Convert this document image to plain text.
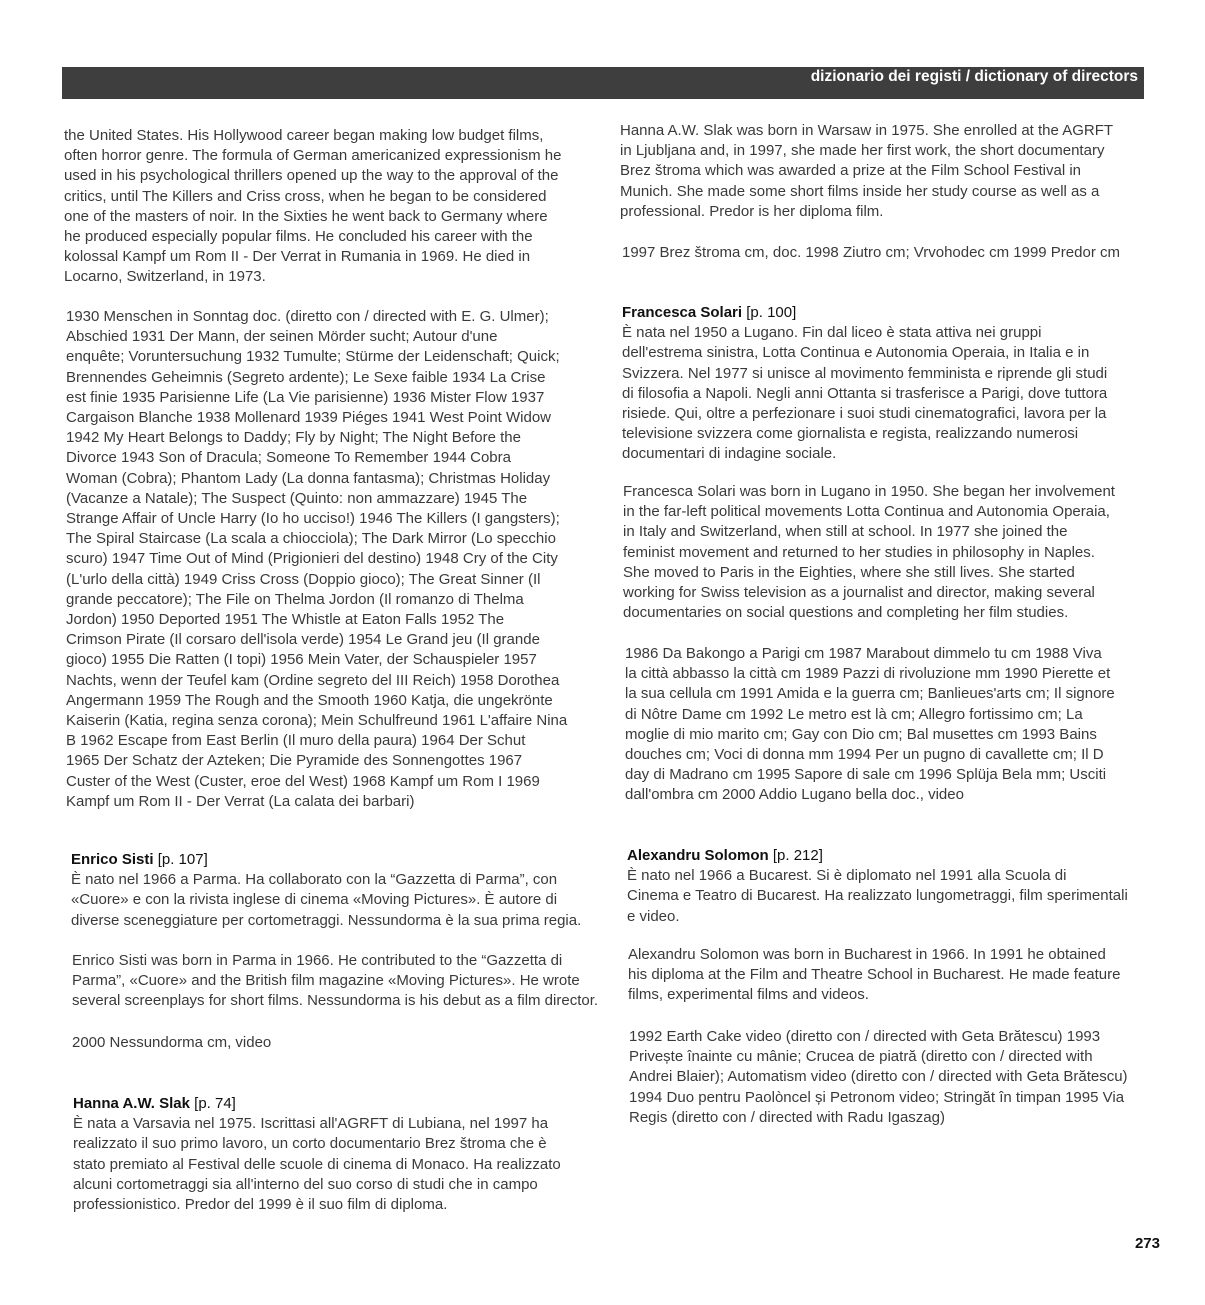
dizionario dei registi / dictionary of directors

the United States. His Hollywood career began making low budget films,

often horror genre. The formula of German americanized expressionism he

used in his psychological thrillers opened up the way to the approval of the

critics, until The Killers and Criss cross, when he began to be considered

one of the masters of noir. In the Sixties he went back to Germany where

he produced especially popular films. He concluded his career with the

kolossal Kampf um Rom II - Der Verrat in Rumania in 1969. He died in

Locarno, Switzerland, in 1973.

1930 Menschen in Sonntag doc. (diretto con / directed with E. G. Ulmer);

Abschied 1931 Der Mann, der seinen Mörder sucht; Autour d'une

enquête; Voruntersuchung 1932 Tumulte; Stürme der Leidenschaft; Quick;

Brennendes Geheimnis (Segreto ardente); Le Sexe faible 1934 La Crise

est finie 1935 Parisienne Life (La Vie parisienne) 1936 Mister Flow 1937

Cargaison Blanche 1938 Mollenard 1939 Piéges 1941 West Point Widow

1942 My Heart Belongs to Daddy; Fly by Night; The Night Before the

Divorce 1943 Son of Dracula; Someone To Remember 1944 Cobra

Woman (Cobra); Phantom Lady (La donna fantasma); Christmas Holiday

(Vacanze a Natale); The Suspect (Quinto: non ammazzare) 1945 The

Strange Affair of Uncle Harry (Io ho ucciso!) 1946 The Killers (I gangsters);

The Spiral Staircase (La scala a chiocciola); The Dark Mirror (Lo specchio

scuro) 1947 Time Out of Mind (Prigionieri del destino) 1948 Cry of the City

(L'urlo della città) 1949 Criss Cross (Doppio gioco); The Great Sinner (Il

grande peccatore); The File on Thelma Jordon (Il romanzo di Thelma

Jordon) 1950 Deported 1951 The Whistle at Eaton Falls 1952 The

Crimson Pirate (Il corsaro dell'isola verde) 1954 Le Grand jeu (Il grande

gioco) 1955 Die Ratten (I topi) 1956 Mein Vater, der Schauspieler 1957

Nachts, wenn der Teufel kam (Ordine segreto del III Reich) 1958 Dorothea

Angermann 1959 The Rough and the Smooth 1960 Katja, die ungekrönte

Kaiserin (Katia, regina senza corona); Mein Schulfreund 1961 L'affaire Nina

B 1962 Escape from East Berlin (Il muro della paura) 1964 Der Schut

1965 Der Schatz der Azteken; Die Pyramide des Sonnengottes 1967

Custer of the West (Custer, eroe del West) 1968 Kampf um Rom I 1969

Kampf um Rom II - Der Verrat (La calata dei barbari)

Enrico Sisti [p. 107]

È nato nel 1966 a Parma. Ha collaborato con la “Gazzetta di Parma”, con

«Cuore» e con la rivista inglese di cinema «Moving Pictures». È autore di

diverse sceneggiature per cortometraggi. Nessundorma è la sua prima regia.

Enrico Sisti was born in Parma in 1966. He contributed to the “Gazzetta di

Parma”, «Cuore» and the British film magazine «Moving Pictures». He wrote

several screenplays for short films. Nessundorma is his debut as a film director.

2000 Nessundorma cm, video

Hanna A.W. Slak [p. 74]

È nata a Varsavia nel 1975. Iscrittasi all'AGRFT di Lubiana, nel 1997 ha

realizzato il suo primo lavoro, un corto documentario Brez štroma che è

stato premiato al Festival delle scuole di cinema di Monaco. Ha realizzato

alcuni cortometraggi sia all'interno del suo corso di studi che in campo

professionistico. Predor del 1999 è il suo film di diploma.

Hanna A.W. Slak was born in Warsaw in 1975. She enrolled at the AGRFT

in Ljubljana and, in 1997, she made her first work, the short documentary

Brez štroma which was awarded a prize at the Film School Festival in

Munich. She made some short films inside her study course as well as a

professional. Predor is her diploma film.

1997 Brez štroma cm, doc. 1998 Ziutro cm; Vrvohodec cm 1999 Predor cm

Francesca Solari [p. 100]

È nata nel 1950 a Lugano. Fin dal liceo è stata attiva nei gruppi

dell'estrema sinistra, Lotta Continua e Autonomia Operaia, in Italia e in

Svizzera. Nel 1977 si unisce al movimento femminista e riprende gli studi

di filosofia a Napoli. Negli anni Ottanta si trasferisce a Parigi, dove tuttora

risiede. Qui, oltre a perfezionare i suoi studi cinematografici, lavora per la

televisione svizzera come giornalista e regista, realizzando numerosi

documentari di indagine sociale.

Francesca Solari was born in Lugano in 1950. She began her involvement

in the far-left political movements Lotta Continua and Autonomia Operaia,

in Italy and Switzerland, when still at school. In 1977 she joined the

feminist movement and returned to her studies in philosophy in Naples.

She moved to Paris in the Eighties, where she still lives. She started

working for Swiss television as a journalist and director, making several

documentaries on social questions and completing her film studies.

1986 Da Bakongo a Parigi cm 1987 Marabout dimmelo tu cm 1988 Viva

la città abbasso la città cm 1989 Pazzi di rivoluzione mm 1990 Pierette et

la sua cellula cm 1991 Amida e la guerra cm; Banlieues'arts cm; Il signore

di Nôtre Dame cm 1992 Le metro est là cm; Allegro fortissimo cm; La

moglie di mio marito cm; Gay con Dio cm; Bal musettes cm 1993 Bains

douches cm; Voci di donna mm 1994 Per un pugno di cavallette cm; Il D

day di Madrano cm 1995 Sapore di sale cm 1996 Splüja Bela mm; Usciti

dall'ombra cm 2000 Addio Lugano bella doc., video

Alexandru Solomon [p. 212]

È nato nel 1966 a Bucarest. Si è diplomato nel 1991 alla Scuola di

Cinema e Teatro di Bucarest. Ha realizzato lungometraggi, film sperimentali

e video.

Alexandru Solomon was born in Bucharest in 1966. In 1991 he obtained

his diploma at the Film and Theatre School in Bucharest. He made feature

films, experimental films and videos.

1992 Earth Cake video (diretto con / directed with Geta Brătescu) 1993

Privește înainte cu mânie; Crucea de piatră (diretto con / directed with

Andrei Blaier); Automatism video (diretto con / directed with Geta Brătescu)

1994 Duo pentru Paolòncel și Petronom video; Stringăt în timpan 1995 Via

Regis (diretto con / directed with Radu Igaszag)

273
